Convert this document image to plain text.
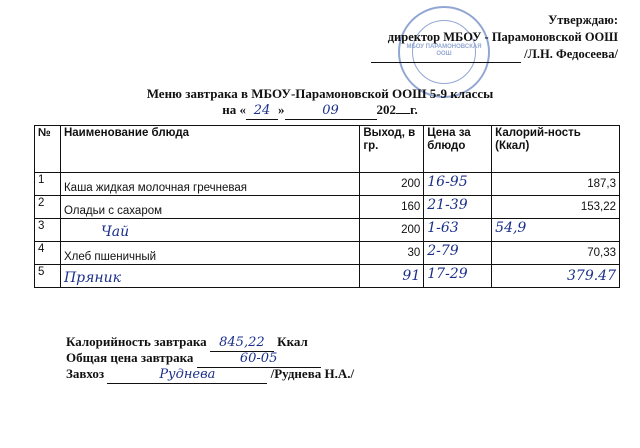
МБОУ ПАРАМОНОВСКАЯ ООШ
Утверждаю:
директор МБОУ - Парамоновской ООШ
/Л.Н. Федосеева/
Меню завтрака в МБОУ-Парамоновской ООШ 5-9 классы
на « 24 »	09	202 г.
№	Наименование блюда	Выход, в гр.	Цена за блюдо	Калорий-ность (Ккал)
1	Каша жидкая молочная гречневая	200	16-95	187,3
2	Оладьи с сахаром	160	21-39	153,22
3	Чай	200	1-63	54,9
4	Хлеб пшеничный	30	2-79	70,33
5	Пряник	91	17-29	379.47
Калорийность завтрака 845,22 Ккал
Общая цена завтрака	60-05
Завхоз	Руднева	/Руднева Н.А./
